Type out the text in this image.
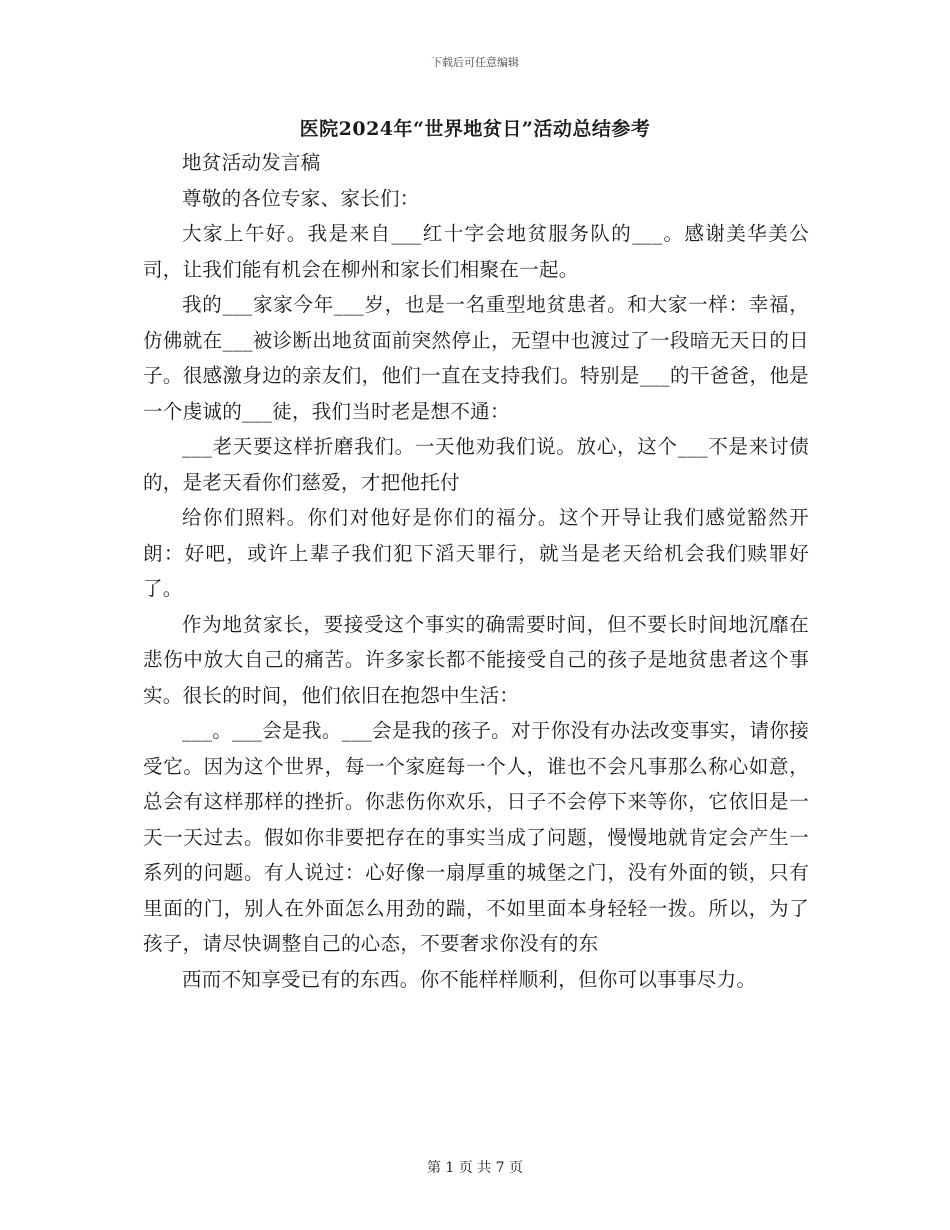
下载后可任意编辑
医院2024年“世界地贫日”活动总结参考

地贫活动发言稿

尊敬的各位专家、家长们：

大家上午好。我是来自___红十字会地贫服务队的___。感谢美华美公司，让我们能有机会在柳州和家长们相聚在一起。

我的___家家今年___岁，也是一名重型地贫患者。和大家一样：幸福，仿佛就在___被诊断出地贫面前突然停止，无望中也渡过了一段暗无天日的日子。很感激身边的亲友们，他们一直在支持我们。特别是___的干爸爸，他是一个虔诚的___徒，我们当时老是想不通：

___老天要这样折磨我们。一天他劝我们说。放心，这个___不是来讨债的，是老天看你们慈爱，才把他托付

给你们照料。你们对他好是你们的福分。这个开导让我们感觉豁然开朗：好吧，或许上辈子我们犯下滔天罪行，就当是老天给机会我们赎罪好了。

作为地贫家长，要接受这个事实的确需要时间，但不要长时间地沉靡在悲伤中放大自己的痛苦。许多家长都不能接受自己的孩子是地贫患者这个事实。很长的时间，他们依旧在抱怨中生活：

___。___会是我。___会是我的孩子。对于你没有办法改变事实，请你接受它。因为这个世界，每一个家庭每一个人，谁也不会凡事那么称心如意，总会有这样那样的挫折。你悲伤你欢乐，日子不会停下来等你，它依旧是一天一天过去。假如你非要把存在的事实当成了问题，慢慢地就肯定会产生一系列的问题。有人说过：心好像一扇厚重的城堡之门，没有外面的锁，只有里面的门，别人在外面怎么用劲的踹，不如里面本身轻轻一拨。所以，为了孩子，请尽快调整自己的心态，不要奢求你没有的东

西而不知享受已有的东西。你不能样样顺利，但你可以事事尽力。

第 1 页 共 7 页
